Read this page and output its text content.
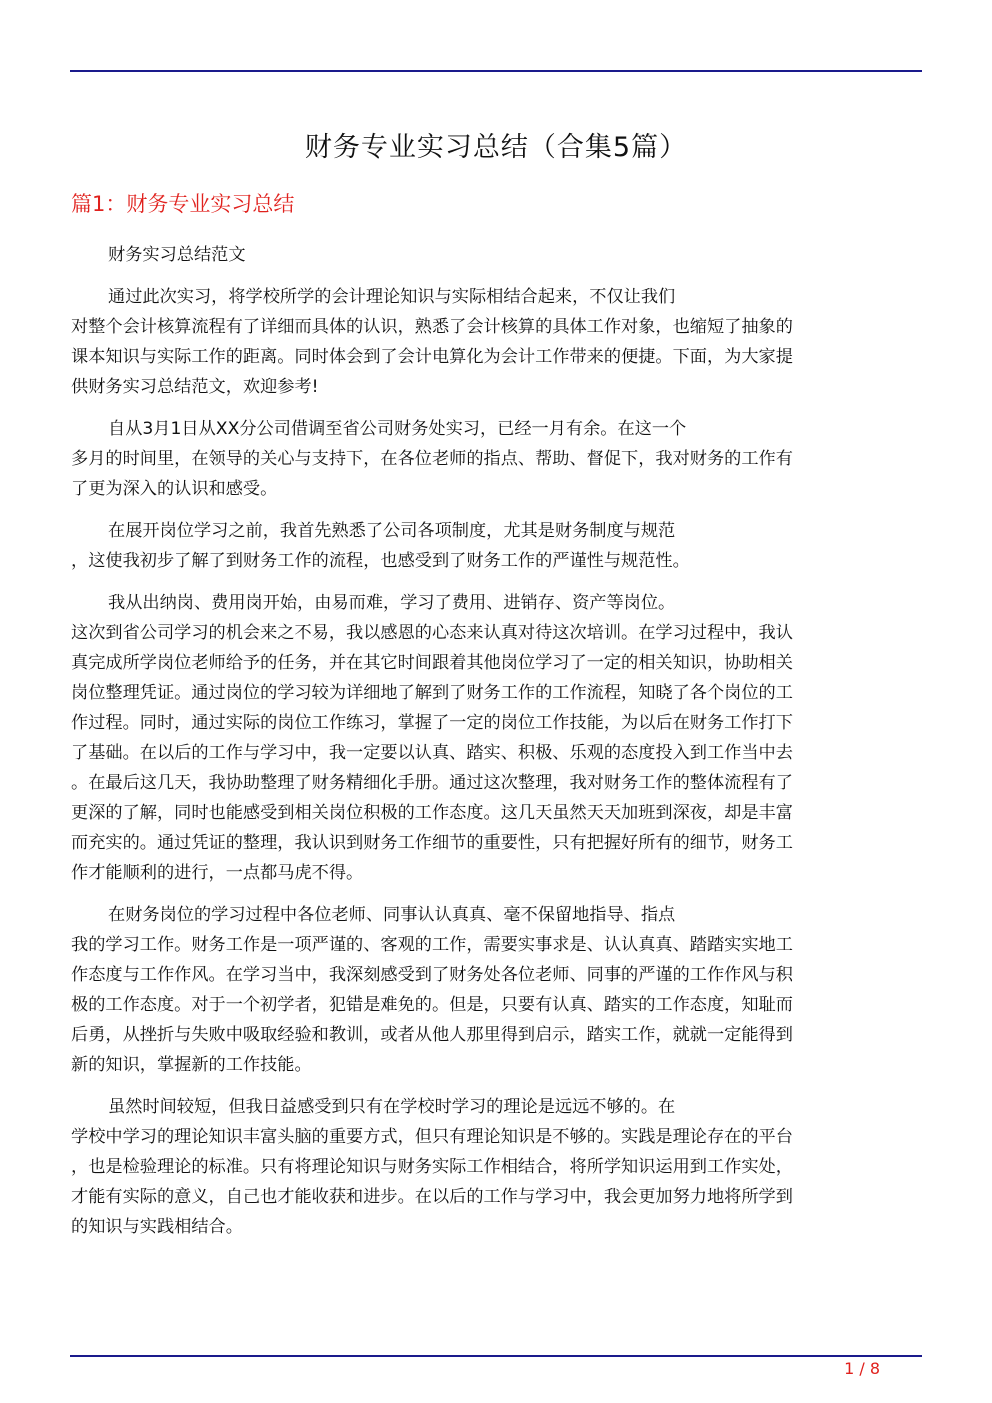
财务专业实习总结（合集5篇）
篇1：财务专业实习总结

财务实习总结范文

通过此次实习，将学校所学的会计理论知识与实际相结合起来，不仅让我们
对整个会计核算流程有了详细而具体的认识，熟悉了会计核算的具体工作对象，也缩短了抽象的
课本知识与实际工作的距离。同时体会到了会计电算化为会计工作带来的便捷。下面，为大家提
供财务实习总结范文，欢迎参考!

自从3月1日从XX分公司借调至省公司财务处实习，已经一月有余。在这一个
多月的时间里，在领导的关心与支持下，在各位老师的指点、帮助、督促下，我对财务的工作有
了更为深入的认识和感受。

在展开岗位学习之前，我首先熟悉了公司各项制度，尤其是财务制度与规范
，这使我初步了解了到财务工作的流程，也感受到了财务工作的严谨性与规范性。

我从出纳岗、费用岗开始，由易而难，学习了费用、进销存、资产等岗位。
这次到省公司学习的机会来之不易，我以感恩的心态来认真对待这次培训。在学习过程中，我认
真完成所学岗位老师给予的任务，并在其它时间跟着其他岗位学习了一定的相关知识，协助相关
岗位整理凭证。通过岗位的学习较为详细地了解到了财务工作的工作流程，知晓了各个岗位的工
作过程。同时，通过实际的岗位工作练习，掌握了一定的岗位工作技能，为以后在财务工作打下
了基础。在以后的工作与学习中，我一定要以认真、踏实、积极、乐观的态度投入到工作当中去
。在最后这几天，我协助整理了财务精细化手册。通过这次整理，我对财务工作的整体流程有了
更深的了解，同时也能感受到相关岗位积极的工作态度。这几天虽然天天加班到深夜，却是丰富
而充实的。通过凭证的整理，我认识到财务工作细节的重要性，只有把握好所有的细节，财务工
作才能顺利的进行，一点都马虎不得。

在财务岗位的学习过程中各位老师、同事认认真真、毫不保留地指导、指点
我的学习工作。财务工作是一项严谨的、客观的工作，需要实事求是、认认真真、踏踏实实地工
作态度与工作作风。在学习当中，我深刻感受到了财务处各位老师、同事的严谨的工作作风与积
极的工作态度。对于一个初学者，犯错是难免的。但是，只要有认真、踏实的工作态度，知耻而
后勇，从挫折与失败中吸取经验和教训，或者从他人那里得到启示，踏实工作，就就一定能得到
新的知识，掌握新的工作技能。

虽然时间较短，但我日益感受到只有在学校时学习的理论是远远不够的。在
学校中学习的理论知识丰富头脑的重要方式，但只有理论知识是不够的。实践是理论存在的平台
，也是检验理论的标准。只有将理论知识与财务实际工作相结合，将所学知识运用到工作实处，
才能有实际的意义，自己也才能收获和进步。在以后的工作与学习中，我会更加努力地将所学到
的知识与实践相结合。

1 / 8
